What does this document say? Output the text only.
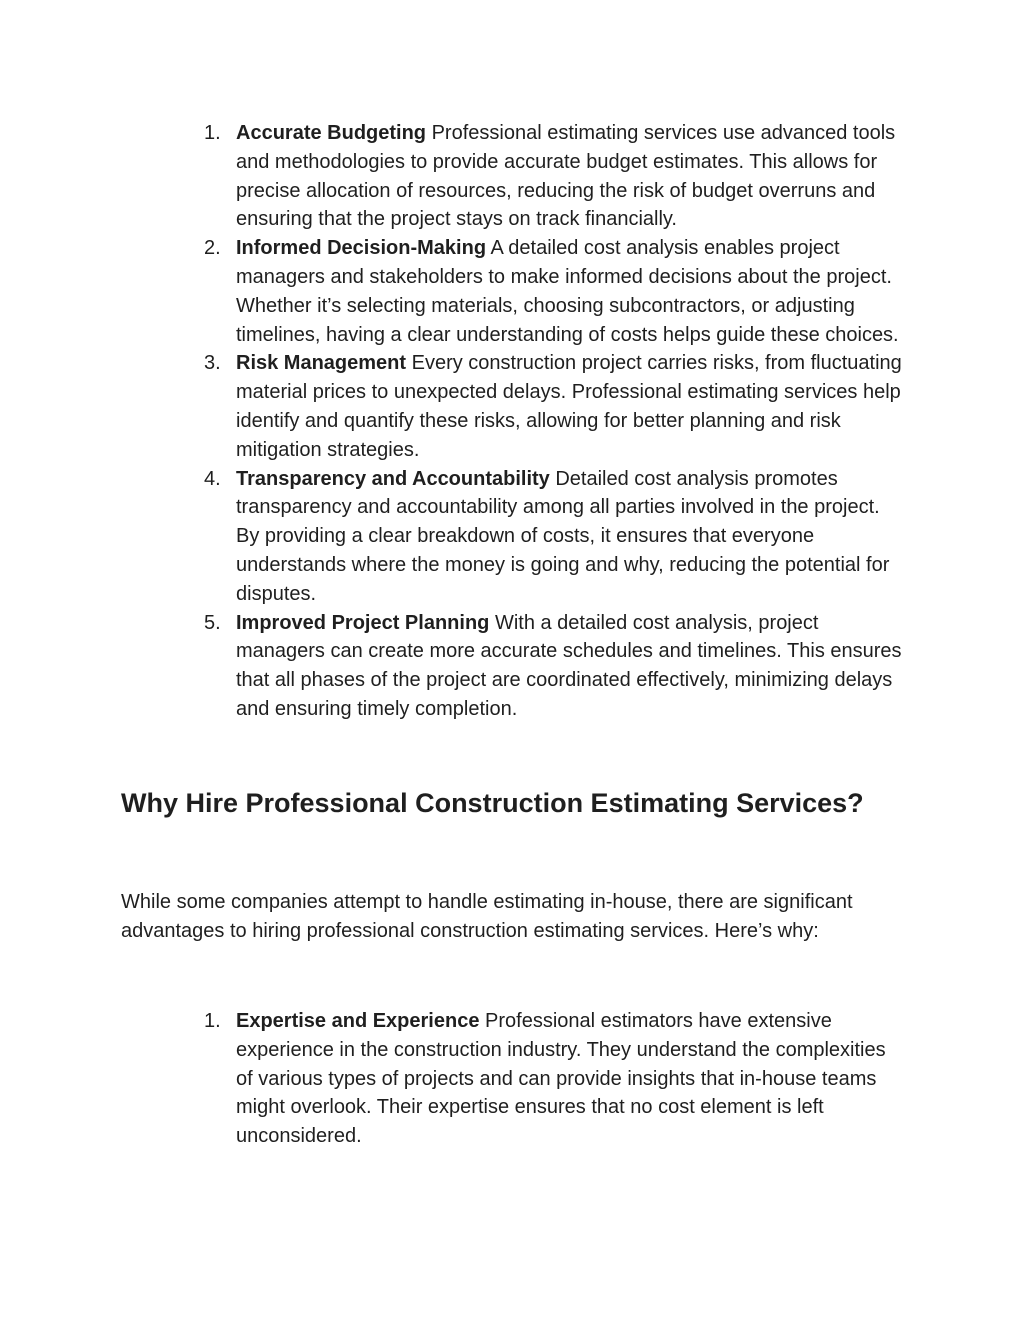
1. Accurate Budgeting Professional estimating services use advanced tools and methodologies to provide accurate budget estimates. This allows for precise allocation of resources, reducing the risk of budget overruns and ensuring that the project stays on track financially.
2. Informed Decision-Making A detailed cost analysis enables project managers and stakeholders to make informed decisions about the project. Whether it’s selecting materials, choosing subcontractors, or adjusting timelines, having a clear understanding of costs helps guide these choices.
3. Risk Management Every construction project carries risks, from fluctuating material prices to unexpected delays. Professional estimating services help identify and quantify these risks, allowing for better planning and risk mitigation strategies.
4. Transparency and Accountability Detailed cost analysis promotes transparency and accountability among all parties involved in the project. By providing a clear breakdown of costs, it ensures that everyone understands where the money is going and why, reducing the potential for disputes.
5. Improved Project Planning With a detailed cost analysis, project managers can create more accurate schedules and timelines. This ensures that all phases of the project are coordinated effectively, minimizing delays and ensuring timely completion.
Why Hire Professional Construction Estimating Services?

While some companies attempt to handle estimating in-house, there are significant advantages to hiring professional construction estimating services. Here’s why:

1. Expertise and Experience Professional estimators have extensive experience in the construction industry. They understand the complexities of various types of projects and can provide insights that in-house teams might overlook. Their expertise ensures that no cost element is left unconsidered.
